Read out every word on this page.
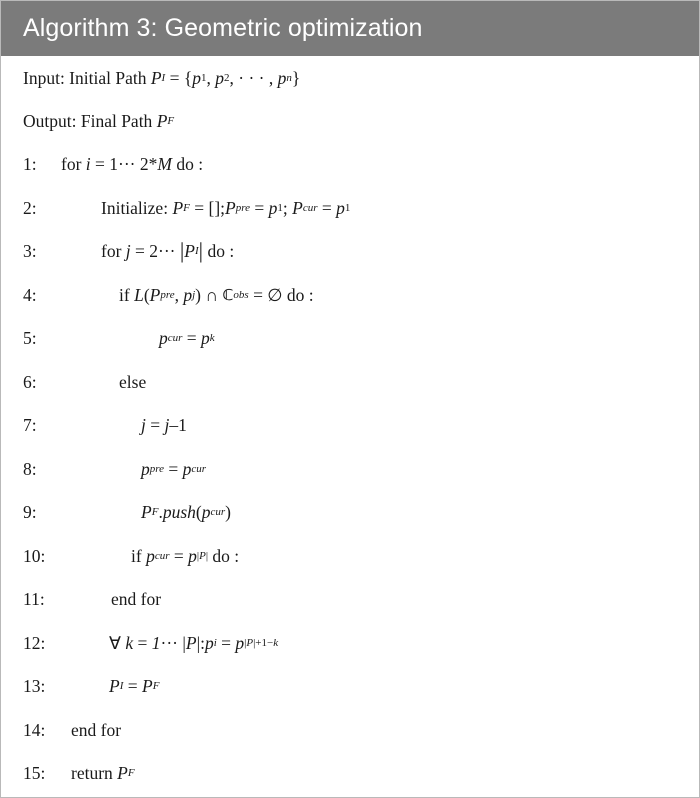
Algorithm 3: Geometric optimization
Input: Initial Path
P I
= { p 1 , p 2 , · · · , p n }
Output: Final Path
P F
1:	for i = 1··· 2* M do :
2:	Initialize: P F = []; P pre = p 1 ; P cur = p 1
3:	for j = 2··· | P I | do :
4:	if L ( P pre , p j ) ∩ ℂ obs = ∅ do :
5:	p cur = p k
6:	else
7:	j = j –1
8:	p pre = p cur
9:	P F . push ( p cur )
10:	if p cur = p |P| do :
11:	end for
12:	∀ k = 1 ··· | P |: p i = p |P|+1−k
13:	P I = P F
14:	end for
15:	return
P F
